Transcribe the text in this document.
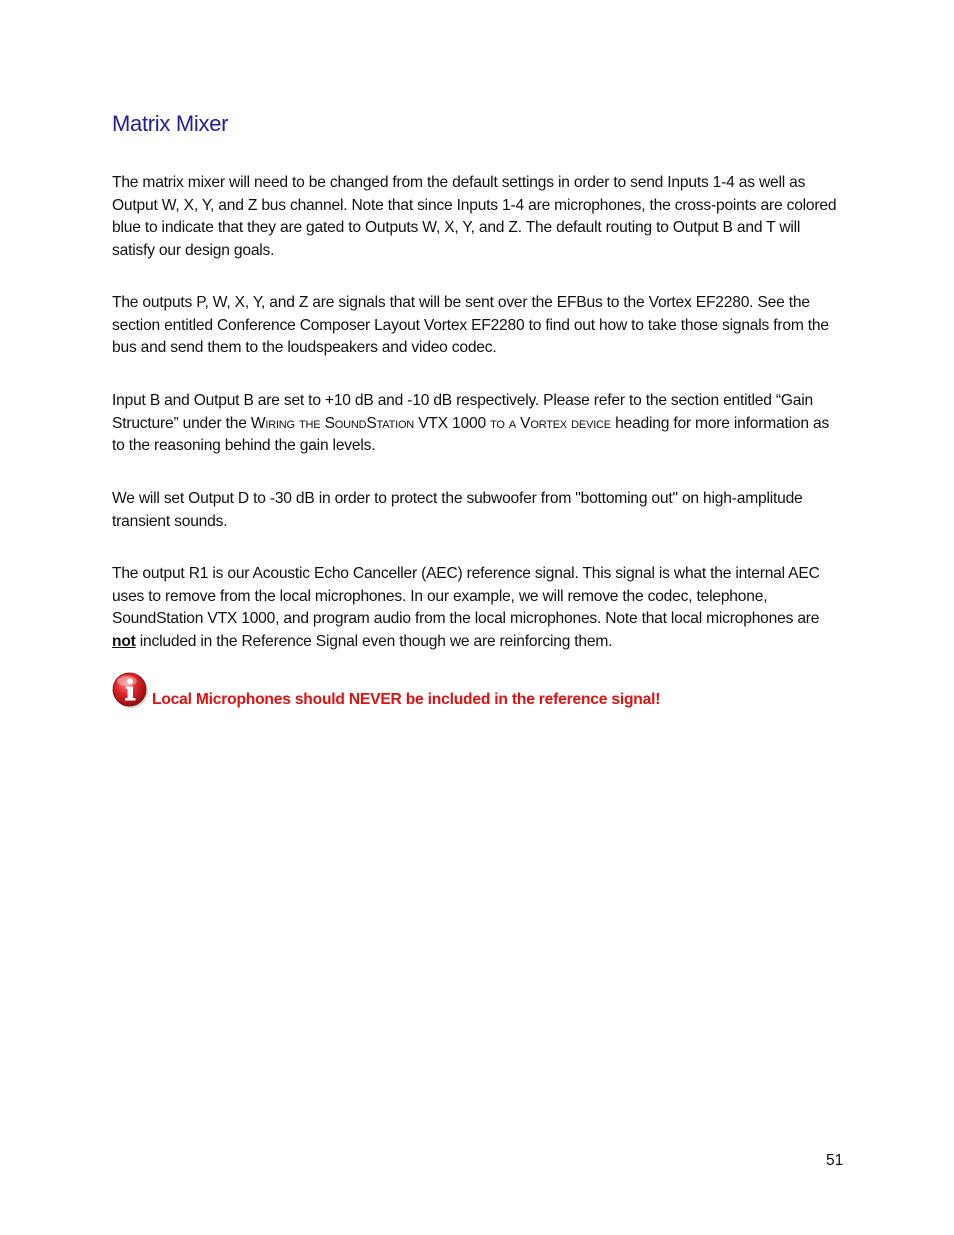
Matrix Mixer

The matrix mixer will need to be changed from the default settings in order to send Inputs 1-4 as well as Output W, X, Y, and Z bus channel. Note that since Inputs 1-4 are microphones, the cross-points are colored blue to indicate that they are gated to Outputs W, X, Y, and Z. The default routing to Output B and T will satisfy our design goals.

The outputs P, W, X, Y, and Z are signals that will be sent over the EFBus to the Vortex EF2280. See the section entitled Conference Composer Layout Vortex EF2280 to find out how to take those signals from the bus and send them to the loudspeakers and video codec.

Input B and Output B are set to +10 dB and -10 dB respectively. Please refer to the section entitled “Gain Structure” under the Wiring the SoundStation VTX 1000 to a Vortex device heading for more information as to the reasoning behind the gain levels.

We will set Output D to -30 dB in order to protect the subwoofer from "bottoming out" on high-amplitude transient sounds.

The output R1 is our Acoustic Echo Canceller (AEC) reference signal. This signal is what the internal AEC uses to remove from the local microphones. In our example, we will remove the codec, telephone, SoundStation VTX 1000, and program audio from the local microphones. Note that local microphones are not included in the Reference Signal even though we are reinforcing them.

Local Microphones should NEVER be included in the reference signal!
51
